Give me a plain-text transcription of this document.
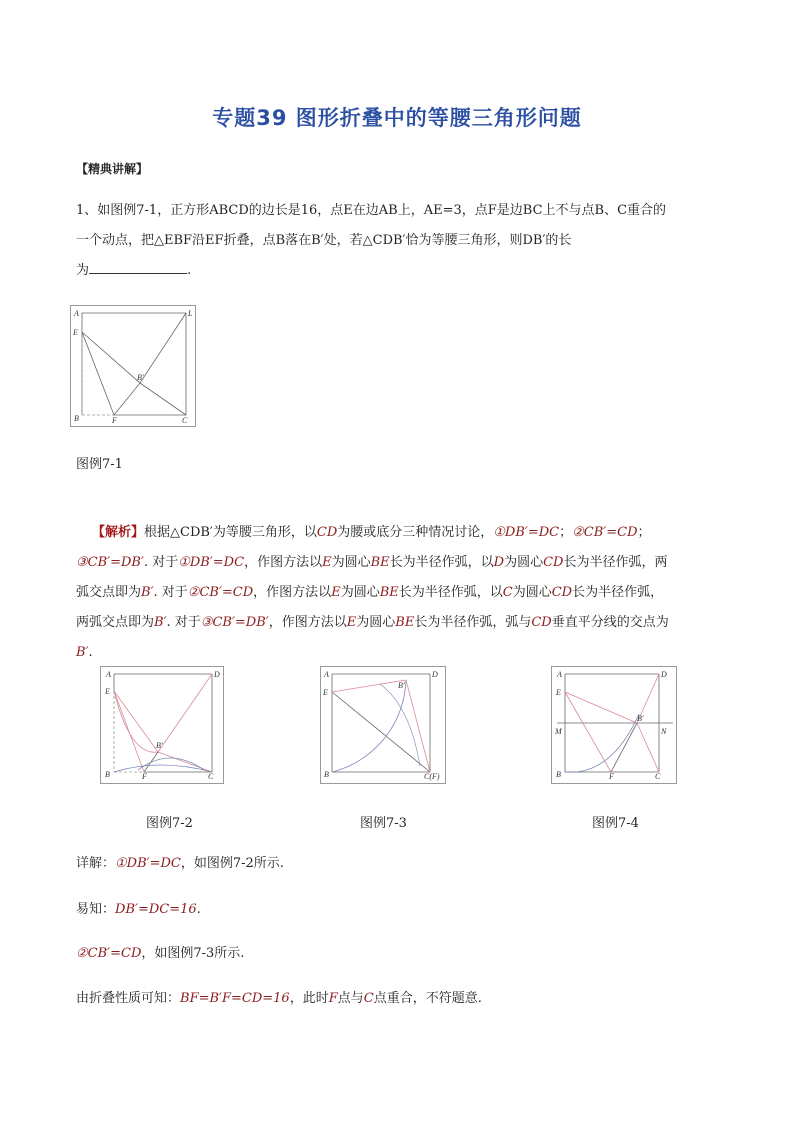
专题39 图形折叠中的等腰三角形问题
【精典讲解】
1、如图例7-1，正方形ABCD的边长是16，点E在边AB上，AE=3，点F是边BC上不与点B、C重合的
一个动点，把△EBF沿EF折叠，点B落在B′处，若△CDB′恰为等腰三角形，则DB′的长
为	.
A	L
E
B′
B	F	C
图例7-1
【解析】根据△CDB′为等腰三角形，以CD为腰或底分三种情况讨论，①DB′=DC；②CB′=CD；
③CB′=DB′. 对于①DB′=DC，作图方法以E为圆心BE长为半径作弧，以D为圆心CD长为半径作弧，两
弧交点即为B′. 对于②CB′=CD，作图方法以E为圆心BE长为半径作弧，以C为圆心CD长为半径作弧，
两弧交点即为B′. 对于③CB′=DB′，作图方法以E为圆心BE长为半径作弧，弧与CD垂直平分线的交点为
B′.
A	D
E
B′
B	F	C
图例7-2
A	D
E
B′
B	C(F)
图例7-3
A	D
E
M
B′
N
B	F	C
图例7-4
详解：①DB′=DC，如图例7-2所示.
易知：DB′=DC=16.
②CB′=CD，如图例7-3所示.
由折叠性质可知：BF=B′F=CD=16，此时F点与C点重合，不符题意.
